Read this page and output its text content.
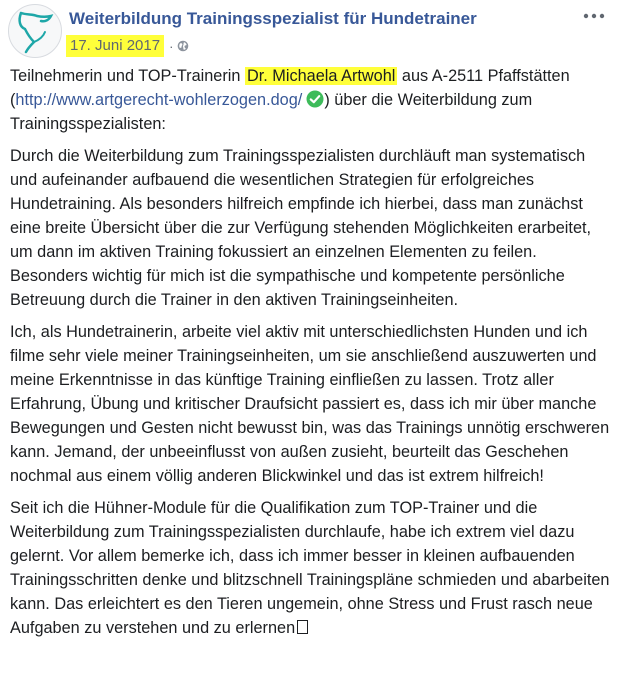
Weiterbildung Trainingsspezialist für Hundetrainer
17. Juni 2017 ·

Teilnehmerin und TOP-Trainerin Dr. Michaela Artwohl aus A-2511 Pfaffstätten (http://www.artgerecht-wohlerzogen.dog/ ) über die Weiterbildung zum Trainingsspezialisten:

Durch die Weiterbildung zum Trainingsspezialisten durchläuft man systematisch und aufeinander aufbauend die wesentlichen Strategien für erfolgreiches Hundetraining. Als besonders hilfreich empfinde ich hierbei, dass man zunächst eine breite Übersicht über die zur Verfügung stehenden Möglichkeiten erarbeitet, um dann im aktiven Training fokussiert an einzelnen Elementen zu feilen. Besonders wichtig für mich ist die sympathische und kompetente persönliche Betreuung durch die Trainer in den aktiven Trainingseinheiten.

Ich, als Hundetrainerin, arbeite viel aktiv mit unterschiedlichsten Hunden und ich filme sehr viele meiner Trainingseinheiten, um sie anschließend auszuwerten und meine Erkenntnisse in das künftige Training einfließen zu lassen. Trotz aller Erfahrung, Übung und kritischer Draufsicht passiert es, dass ich mir über manche Bewegungen und Gesten nicht bewusst bin, was das Trainings unnötig erschweren kann. Jemand, der unbeeinflusst von außen zusieht, beurteilt das Geschehen nochmal aus einem völlig anderen Blickwinkel und das ist extrem hilfreich!

Seit ich die Hühner-Module für die Qualifikation zum TOP-Trainer und die Weiterbildung zum Trainingsspezialisten durchlaufe, habe ich extrem viel dazu gelernt. Vor allem bemerke ich, dass ich immer besser in kleinen aufbauenden Trainingsschritten denke und blitzschnell Trainingspläne schmieden und abarbeiten kann. Das erleichtert es den Tieren ungemein, ohne Stress und Frust rasch neue Aufgaben zu verstehen und zu erlernen
